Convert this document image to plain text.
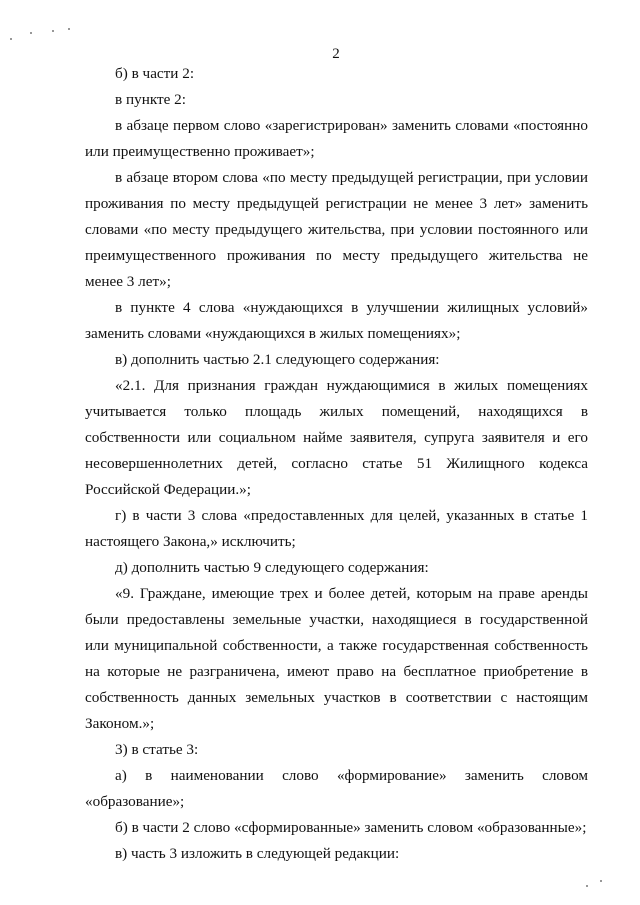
2

б) в части 2:

в пункте 2:

в абзаце первом слово «зарегистрирован» заменить словами «постоянно или преимущественно проживает»;

в абзаце втором слова «по месту предыдущей регистрации, при условии проживания по месту предыдущей регистрации не менее 3 лет» заменить словами «по месту предыдущего жительства, при условии постоянного или преимущественного проживания по месту предыдущего жительства не менее 3 лет»;

в пункте 4 слова «нуждающихся в улучшении жилищных условий» заменить словами «нуждающихся в жилых помещениях»;

в) дополнить частью 2.1 следующего содержания:

«2.1. Для признания граждан нуждающимися в жилых помещениях учитывается только площадь жилых помещений, находящихся в собственности или социальном найме заявителя, супруга заявителя и его несовершеннолетних детей, согласно статье 51 Жилищного кодекса Российской Федерации.»;

г) в части 3 слова «предоставленных для целей, указанных в статье 1 настоящего Закона,» исключить;

д) дополнить частью 9 следующего содержания:

«9. Граждане, имеющие трех и более детей, которым на праве аренды были предоставлены земельные участки, находящиеся в государственной или муниципальной собственности, а также государственная собственность на которые не разграничена, имеют право на бесплатное приобретение в собственность данных земельных участков в соответствии с настоящим Законом.»;

3) в статье 3:

а) в наименовании слово «формирование» заменить словом «образование»;

б) в части 2 слово «сформированные» заменить словом «образованные»;

в) часть 3 изложить в следующей редакции:
